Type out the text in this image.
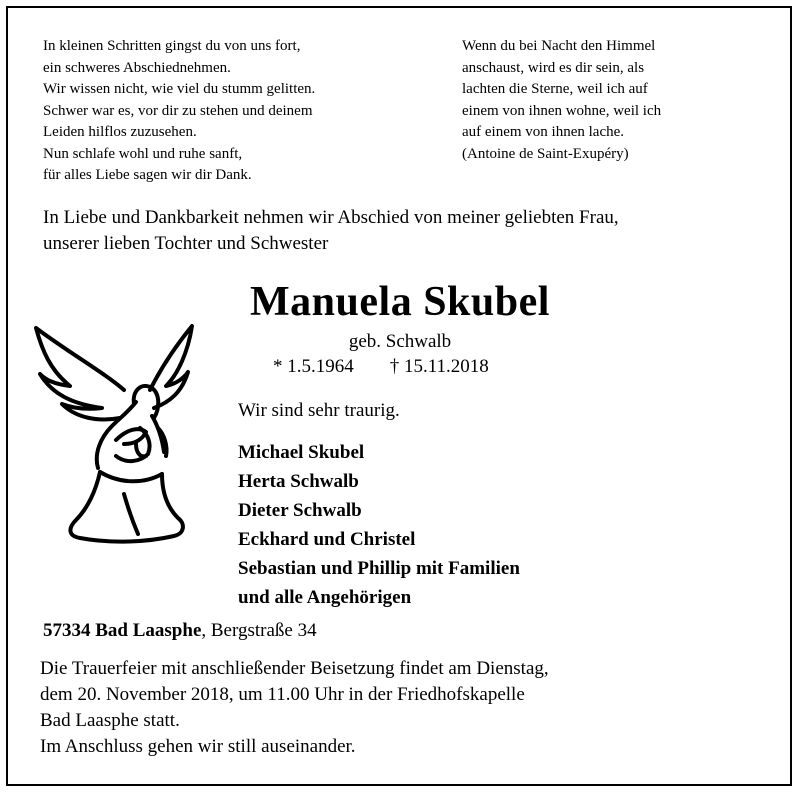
In kleinen Schritten gingst du von uns fort,
ein schweres Abschiednehmen.
Wir wissen nicht, wie viel du stumm gelitten.
Schwer war es, vor dir zu stehen und deinem
Leiden hilflos zuzusehen.
Nun schlafe wohl und ruhe sanft,
für alles Liebe sagen wir dir Dank.
Wenn du bei Nacht den Himmel
anschaust, wird es dir sein, als
lachten die Sterne, weil ich auf
einem von ihnen wohne, weil ich
auf einem von ihnen lache.
(Antoine de Saint-Exupéry)
In Liebe und Dankbarkeit nehmen wir Abschied von meiner geliebten Frau,
unserer lieben Tochter und Schwester
Manuela Skubel
geb. Schwalb
* 1.5.1964 † 15.11.2018
Wir sind sehr traurig.
Michael Skubel
Herta Schwalb
Dieter Schwalb
Eckhard und Christel
Sebastian und Phillip mit Familien
und alle Angehörigen
57334 Bad Laasphe, Bergstraße 34
Die Trauerfeier mit anschließender Beisetzung findet am Dienstag,
dem 20. November 2018, um 11.00 Uhr in der Friedhofskapelle
Bad Laasphe statt.
Im Anschluss gehen wir still auseinander.
